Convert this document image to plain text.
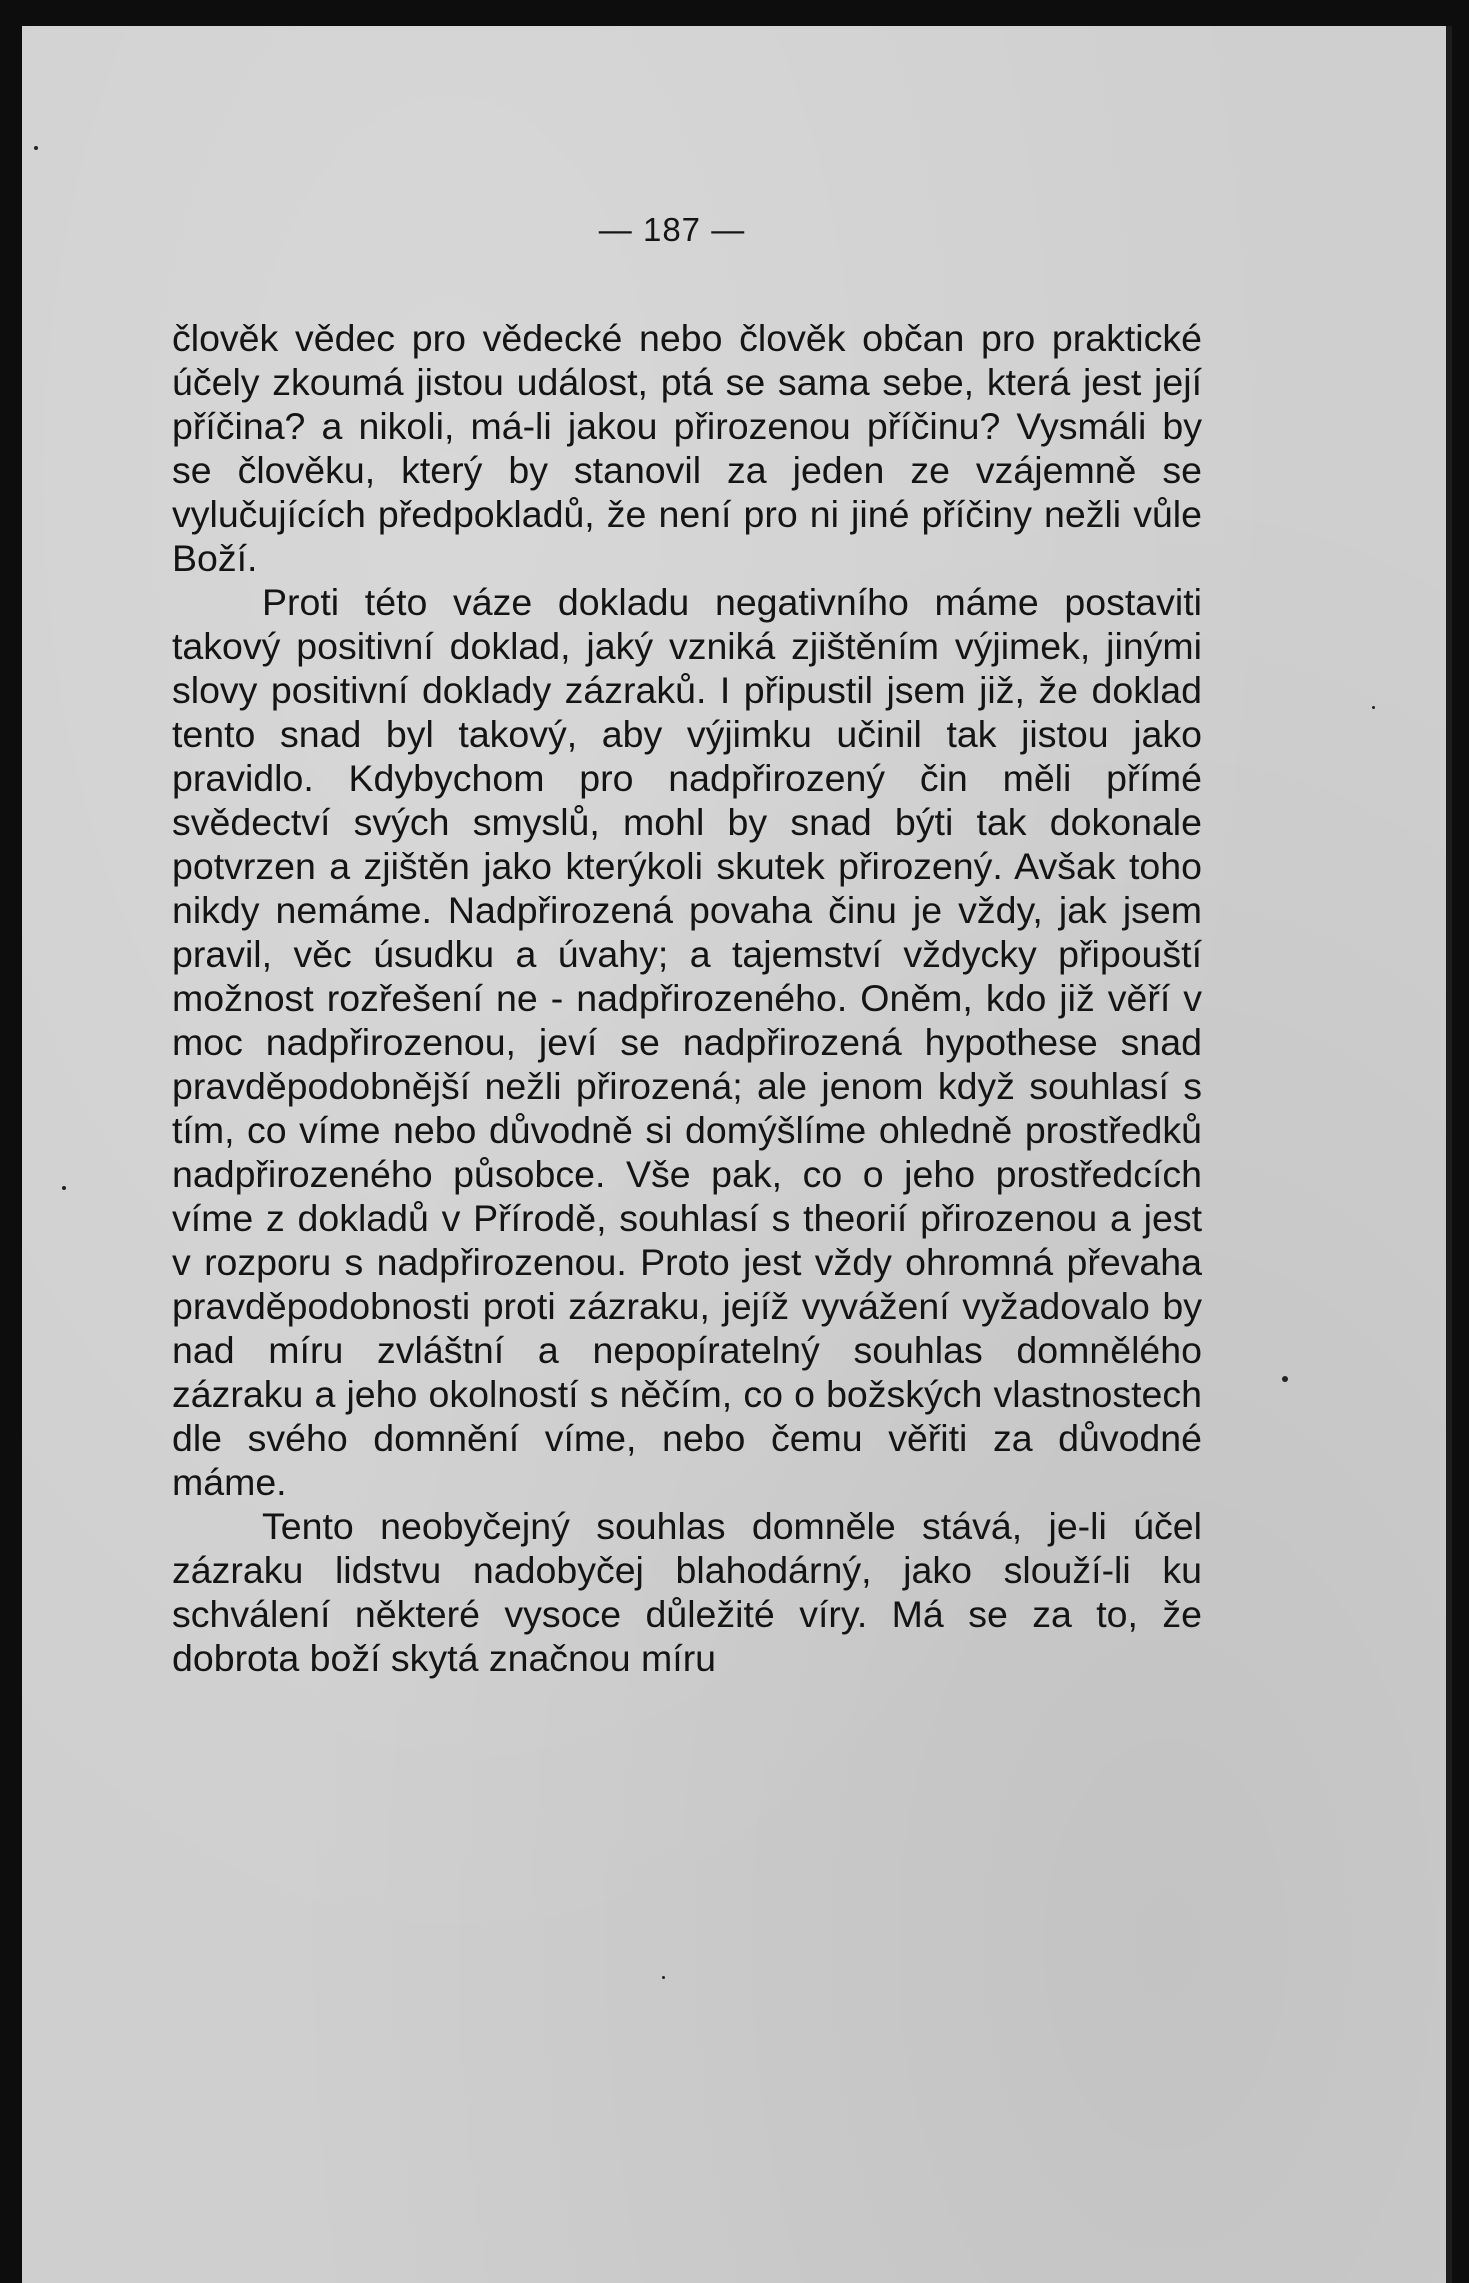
— 187 —

člověk vědec pro vědecké nebo člověk občan pro praktické účely zkoumá jistou událost, ptá se sama sebe, která jest její příčina? a nikoli, má-li jakou přirozenou příčinu? Vysmáli by se člověku, který by stanovil za jeden ze vzájemně se vylučujících předpokladů, že není pro ni jiné příčiny nežli vůle Boží.

Proti této váze dokladu negativního máme postaviti takový positivní doklad, jaký vzniká zjištěním výjimek, jinými slovy positivní doklady zázraků. I připustil jsem již, že doklad tento snad byl takový, aby výjimku učinil tak jistou jako pravidlo. Kdybychom pro nadpřirozený čin měli přímé svědectví svých smyslů, mohl by snad býti tak dokonale potvrzen a zjištěn jako kterýkoli skutek přirozený. Avšak toho nikdy nemáme. Nadpřirozená povaha činu je vždy, jak jsem pravil, věc úsudku a úvahy; a tajemství vždycky připouští možnost rozřešení ne - nadpřirozeného. Oněm, kdo již věří v moc nadpřirozenou, jeví se nadpřirozená hypothese snad pravděpodobnější nežli přirozená; ale jenom když souhlasí s tím, co víme nebo důvodně si domýšlíme ohledně prostředků nadpřirozeného působce. Vše pak, co o jeho prostředcích víme z dokladů v Přírodě, souhlasí s theorií přirozenou a jest v rozporu s nadpřirozenou. Proto jest vždy ohromná převaha pravděpodobnosti proti zázraku, jejíž vyvážení vyžadovalo by nad míru zvláštní a nepopíratelný souhlas domnělého zázraku a jeho okolností s něčím, co o božských vlastnostech dle svého domnění víme, nebo čemu věřiti za důvodné máme.

Tento neobyčejný souhlas domněle stává, je-li účel zázraku lidstvu nadobyčej blahodárný, jako slouží-li ku schválení některé vysoce důležité víry. Má se za to, že dobrota boží skytá značnou míru
